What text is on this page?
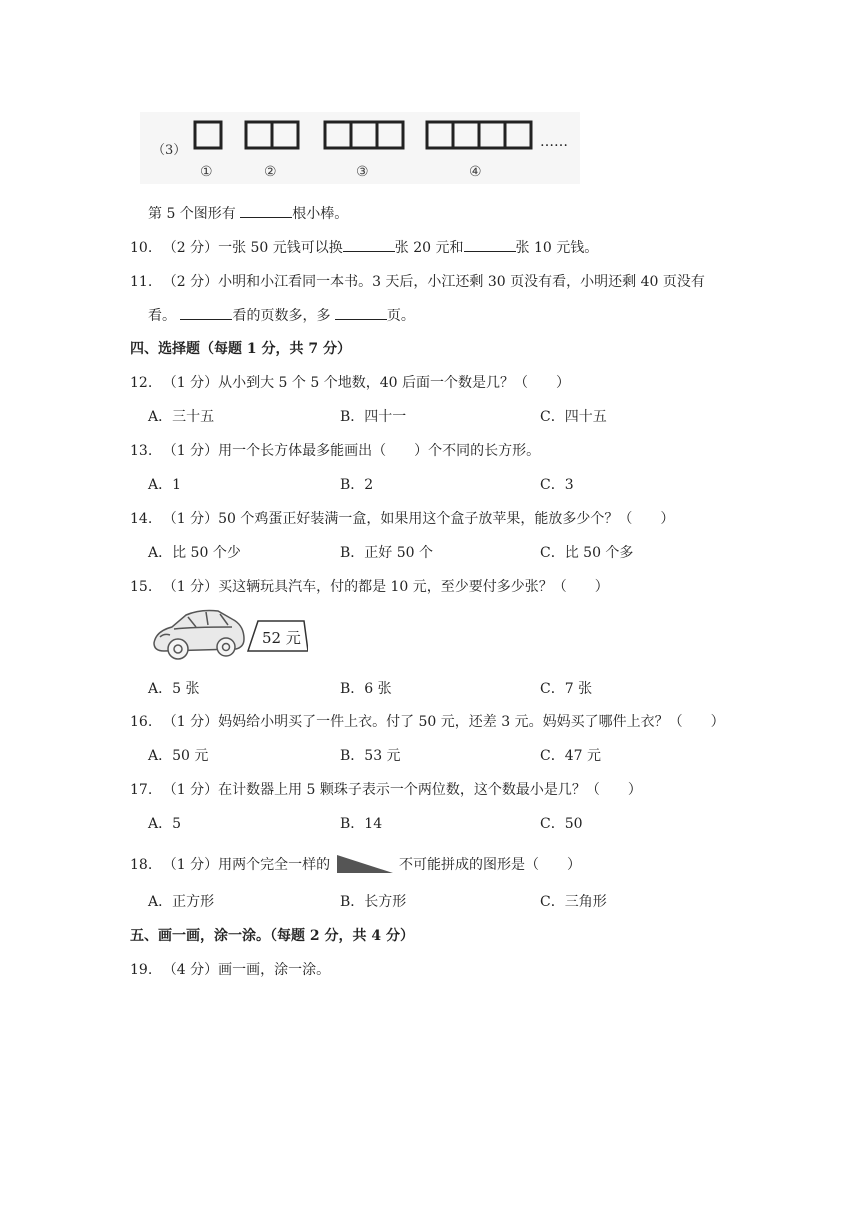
（3）
……
①	②	③	④
第 5 个图形有	根小棒。
10. （2 分）一张 50 元钱可以换	张 20 元和	张 10 元钱。
11. （2 分）小明和小江看同一本书。3 天后，小江还剩 30 页没有看，小明还剩 40 页没有
看。	看的页数多，多	页。
四、选择题（每题 1 分，共 7 分）
12. （1 分）从小到大 5 个 5 个地数，40 后面一个数是几？（　　）
A．三十五	B．四十一	C．四十五
13. （1 分）用一个长方体最多能画出（　　）个不同的长方形。
A．1	B．2	C．3
14. （1 分）50 个鸡蛋正好装满一盒，如果用这个盒子放苹果，能放多少个？（　　）
A．比 50 个少	B．正好 50 个	C．比 50 个多
15. （1 分）买这辆玩具汽车，付的都是 10 元，至少要付多少张？（　　）
52 元
A．5 张	B．6 张	C．7 张
16. （1 分）妈妈给小明买了一件上衣。付了 50 元，还差 3 元。妈妈买了哪件上衣？（　　）
A．50 元	B．53 元	C．47 元
17. （1 分）在计数器上用 5 颗珠子表示一个两位数，这个数最小是几？（　　）
A．5	B．14	C．50
18. （1 分）用两个完全一样的	不可能拼成的图形是（　　）
A．正方形	B．长方形	C．三角形
五、画一画，涂一涂。（每题 2 分，共 4 分）
19. （4 分）画一画，涂一涂。
